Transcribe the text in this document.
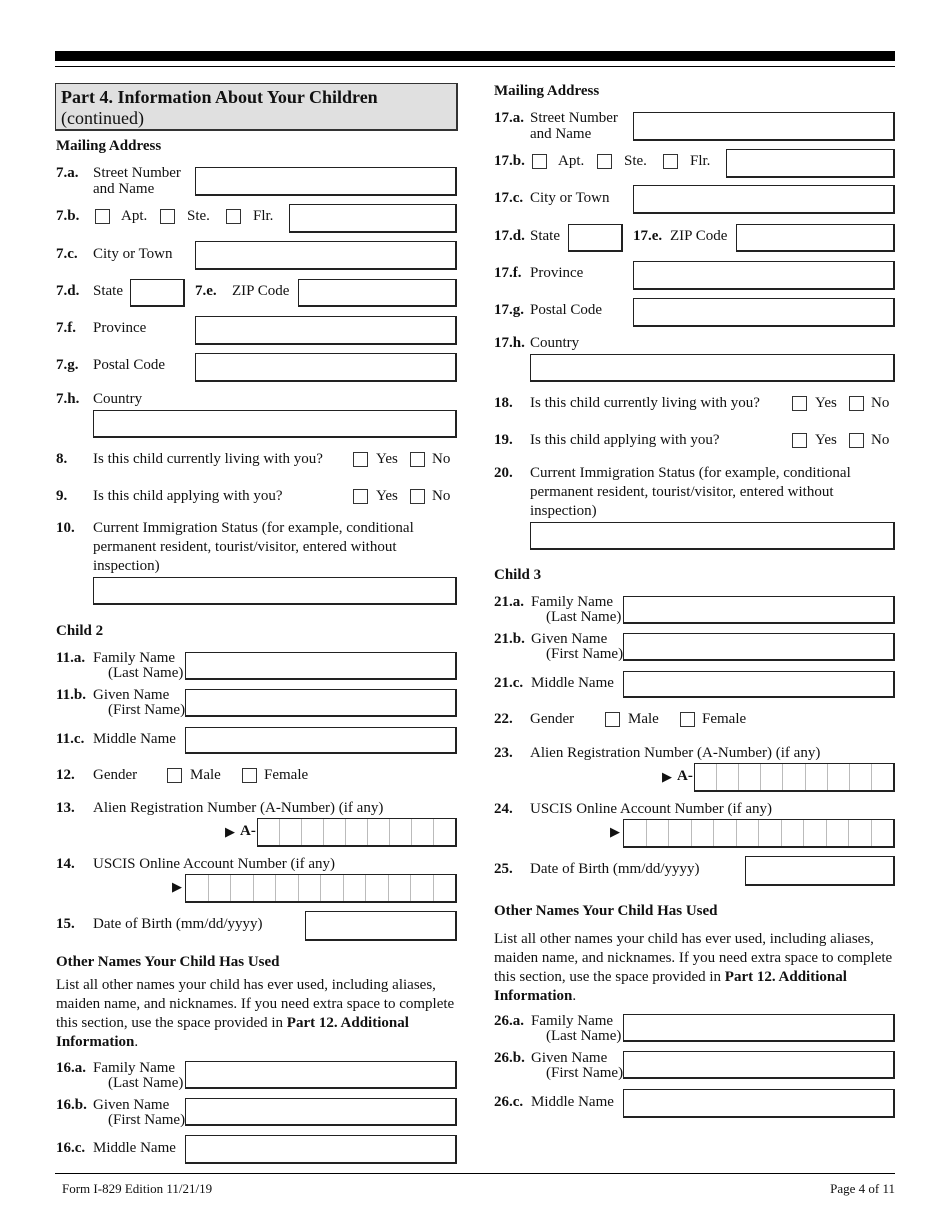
Part 4. Information About Your Children
(continued)
Form I-829 Edition 11/21/19	Page 4 of 11
Mailing Address
7.a. Street Number
and Name
7.b.	Apt.	Ste.	Flr.
7.c. City or Town
7.d. State	7.e. ZIP Code
7.f. Province
7.g. Postal Code
7.h. Country
8. Is this child currently living with you?	Yes No
9. Is this child applying with you?	Yes No
10. Current Immigration Status (for example, conditional
permanent resident, tourist/visitor, entered without
inspection)
Child 2
11.a. Family Name
(Last Name)
11.b. Given Name
(First Name)
11.c. Middle Name
12. Gender	Male	Female
13. Alien Registration Number (A-Number) (if any)
▶ A-
14. USCIS Online Account Number (if any)
▶
15. Date of Birth (mm/dd/yyyy)
Other Names Your Child Has Used
List all other names your child has ever used, including aliases, maiden name, and nicknames. If you need extra space to complete this section, use the space provided in Part 12. Additional Information.
16.a. Family Name
(Last Name)
16.b. Given Name
(First Name)
16.c. Middle Name
Mailing Address
17.a. Street Number
and Name
17.b. Apt.	Ste.	Flr.
17.c. City or Town
17.d. State	17.e. ZIP Code
17.f. Province
17.g. Postal Code
17.h. Country
18. Is this child currently living with you?	Yes No
19. Is this child applying with you?	Yes No
20. Current Immigration Status (for example, conditional
permanent resident, tourist/visitor, entered without
inspection)
Child 3
21.a. Family Name
(Last Name)
21.b. Given Name
(First Name)
21.c. Middle Name
22. Gender	Male	Female
23. Alien Registration Number (A-Number) (if any)
▶ A-
24. USCIS Online Account Number (if any)
▶
25. Date of Birth (mm/dd/yyyy)
Other Names Your Child Has Used
List all other names your child has ever used, including aliases, maiden name, and nicknames. If you need extra space to complete this section, use the space provided in Part 12. Additional Information.
26.a. Family Name
(Last Name)
26.b. Given Name
(First Name)
26.c. Middle Name
